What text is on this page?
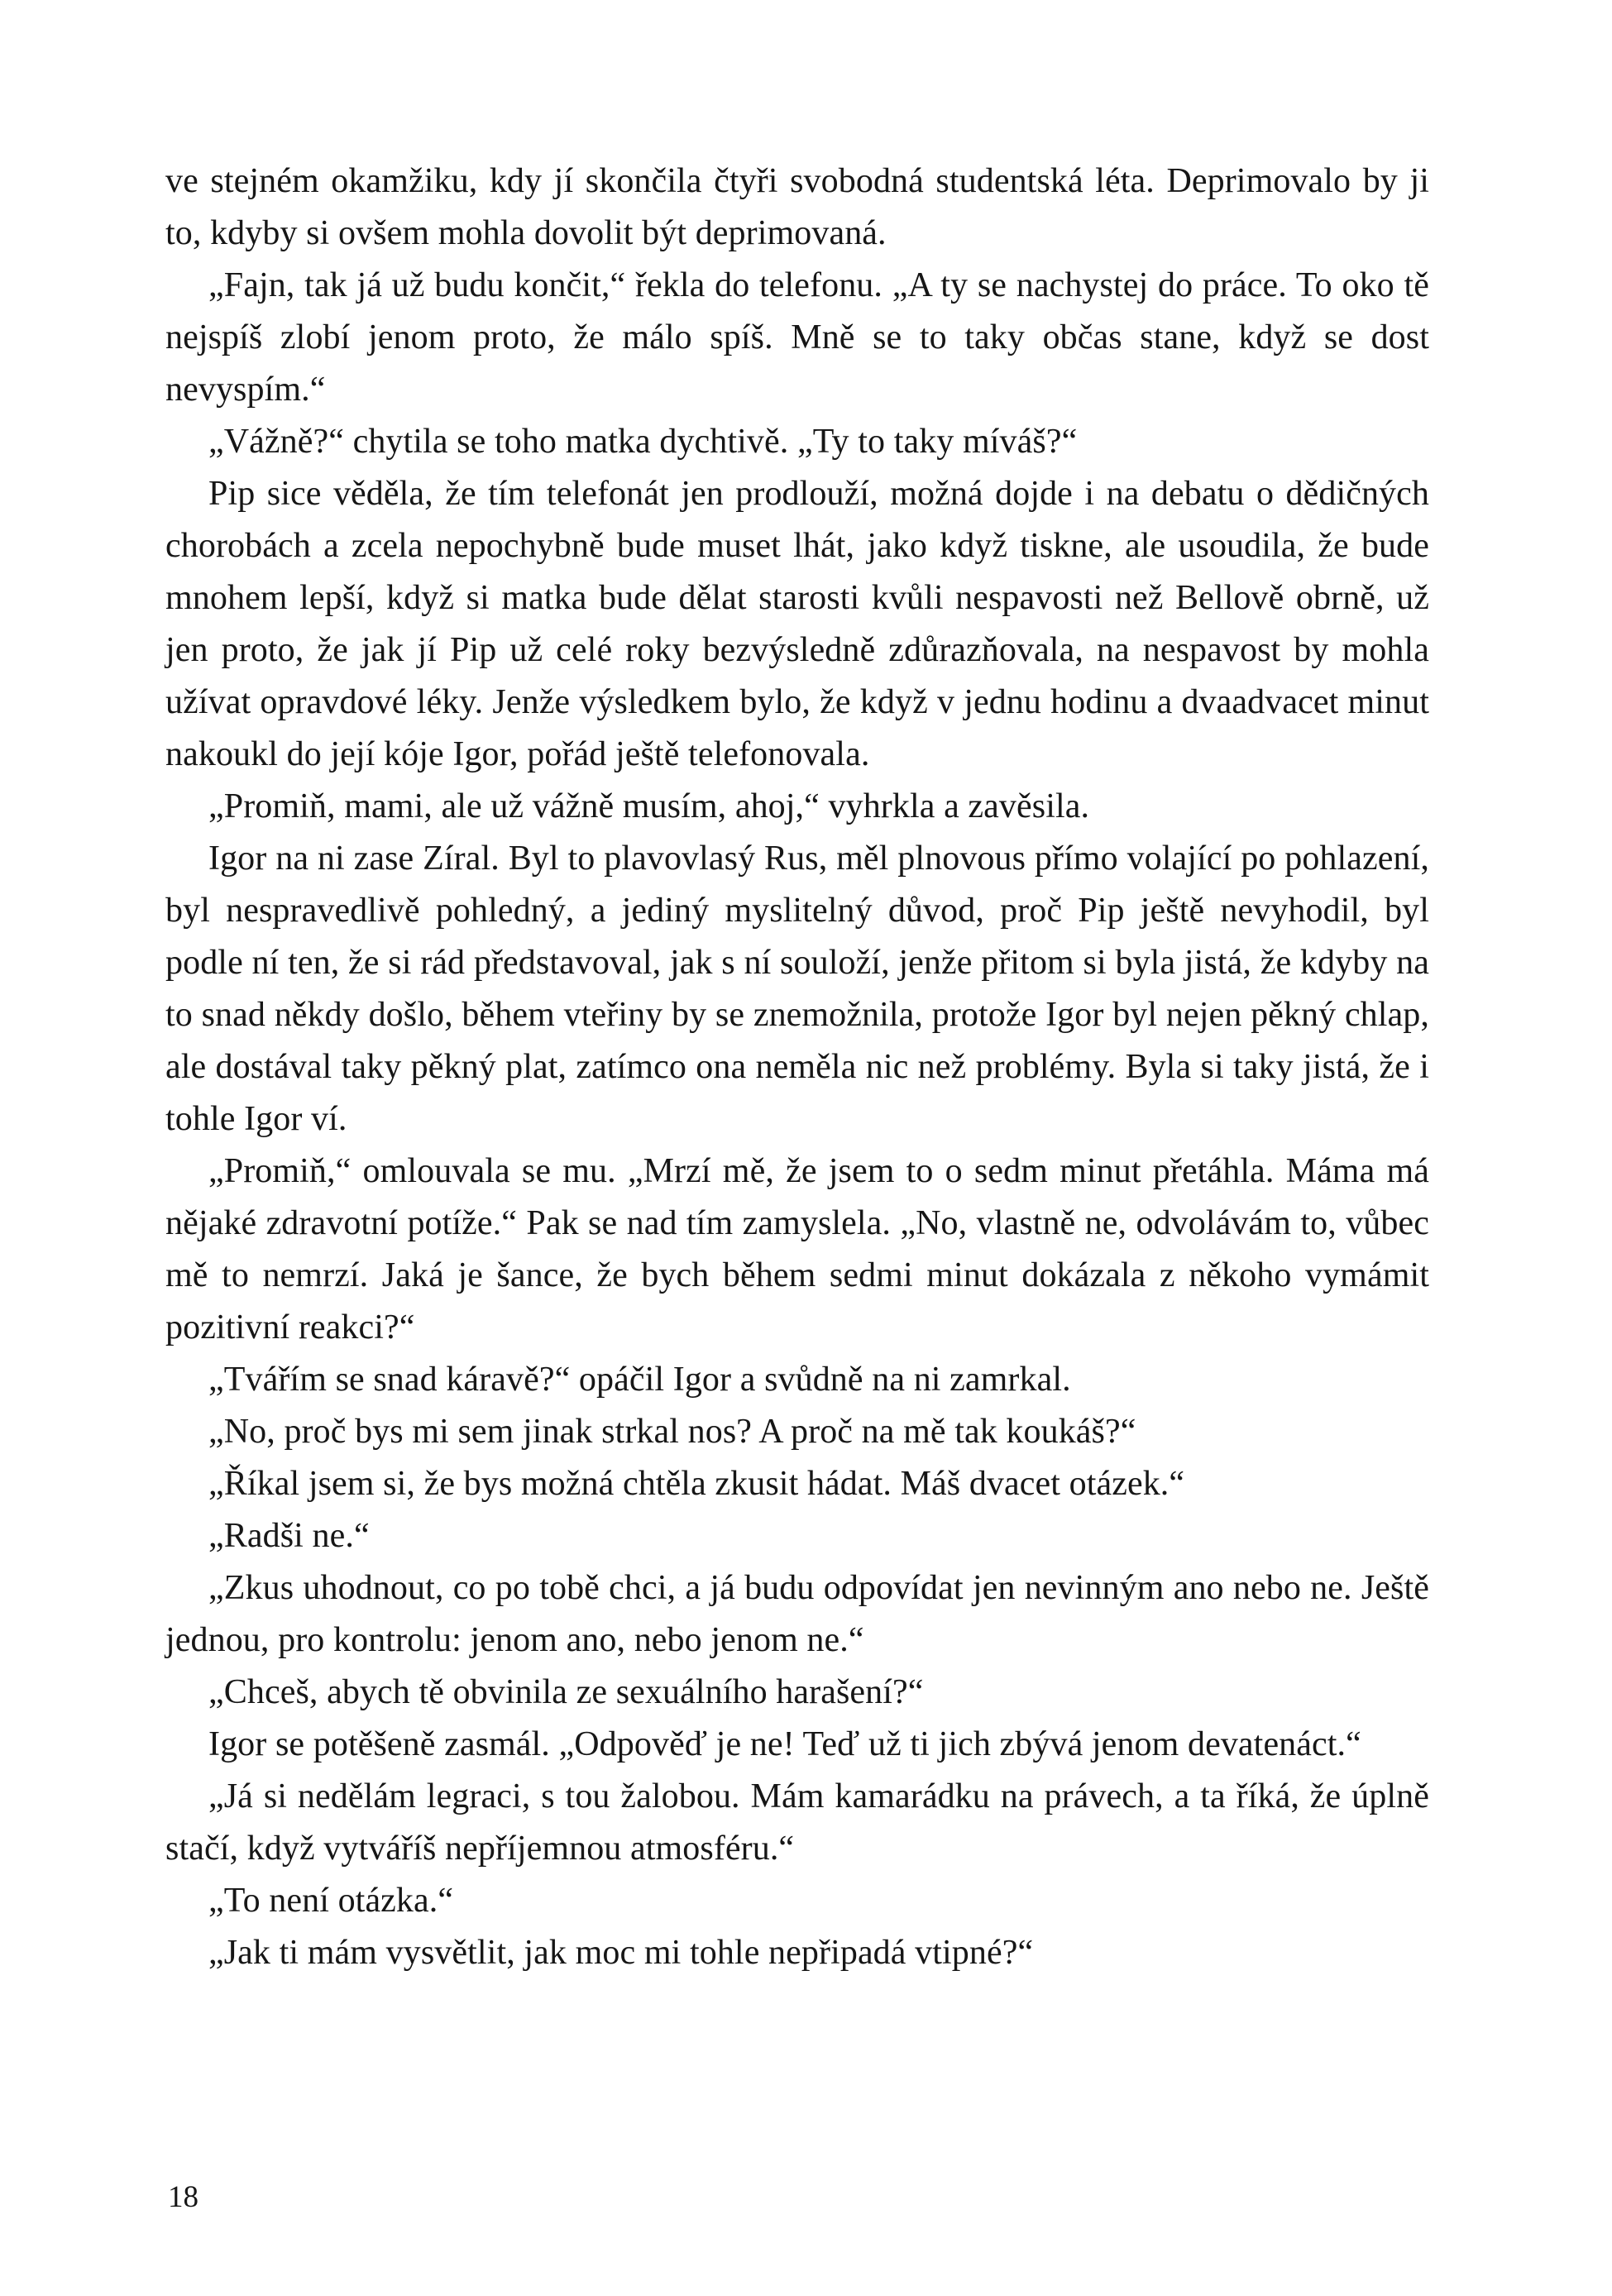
ve stejném okamžiku, kdy jí skončila čtyři svobodná studentská léta. Deprimovalo by ji to, kdyby si ovšem mohla dovolit být deprimovaná.

„Fajn, tak já už budu končit,“ řekla do telefonu. „A ty se nachystej do práce. To oko tě nejspíš zlobí jenom proto, že málo spíš. Mně se to taky občas stane, když se dost nevyspím.“

„Vážně?“ chytila se toho matka dychtivě. „Ty to taky míváš?“

Pip sice věděla, že tím telefonát jen prodlouží, možná dojde i na debatu o dědičných chorobách a zcela nepochybně bude muset lhát, jako když tiskne, ale usoudila, že bude mnohem lepší, když si matka bude dělat starosti kvůli nespavosti než Bellově obrně, už jen proto, že jak jí Pip už celé roky bezvýsledně zdůrazňovala, na nespavost by mohla užívat opravdové léky. Jenže výsledkem bylo, že když v jednu hodinu a dvaadvacet minut nakoukl do její kóje Igor, pořád ještě telefonovala.

„Promiň, mami, ale už vážně musím, ahoj,“ vyhrkla a zavěsila.

Igor na ni zase Zíral. Byl to plavovlasý Rus, měl plnovous přímo volající po pohlazení, byl nespravedlivě pohledný, a jediný myslitelný důvod, proč Pip ještě nevyhodil, byl podle ní ten, že si rád představoval, jak s ní souloží, jenže přitom si byla jistá, že kdyby na to snad někdy došlo, během vteřiny by se znemožnila, protože Igor byl nejen pěkný chlap, ale dostával taky pěkný plat, zatímco ona neměla nic než problémy. Byla si taky jistá, že i tohle Igor ví.

„Promiň,“ omlouvala se mu. „Mrzí mě, že jsem to o sedm minut přetáhla. Máma má nějaké zdravotní potíže.“ Pak se nad tím zamyslela. „No, vlastně ne, odvolávám to, vůbec mě to nemrzí. Jaká je šance, že bych během sedmi minut dokázala z někoho vymámit pozitivní reakci?“

„Tvářím se snad káravě?“ opáčil Igor a svůdně na ni zamrkal.

„No, proč bys mi sem jinak strkal nos? A proč na mě tak koukáš?“

„Říkal jsem si, že bys možná chtěla zkusit hádat. Máš dvacet otázek.“

„Radši ne.“

„Zkus uhodnout, co po tobě chci, a já budu odpovídat jen nevinným ano nebo ne. Ještě jednou, pro kontrolu: jenom ano, nebo jenom ne.“

„Chceš, abych tě obvinila ze sexuálního harašení?“

Igor se potěšeně zasmál. „Odpověď je ne! Teď už ti jich zbývá jenom devatenáct.“

„Já si nedělám legraci, s tou žalobou. Mám kamarádku na právech, a ta říká, že úplně stačí, když vytváříš nepříjemnou atmosféru.“

„To není otázka.“

„Jak ti mám vysvětlit, jak moc mi tohle nepřipadá vtipné?“

18
